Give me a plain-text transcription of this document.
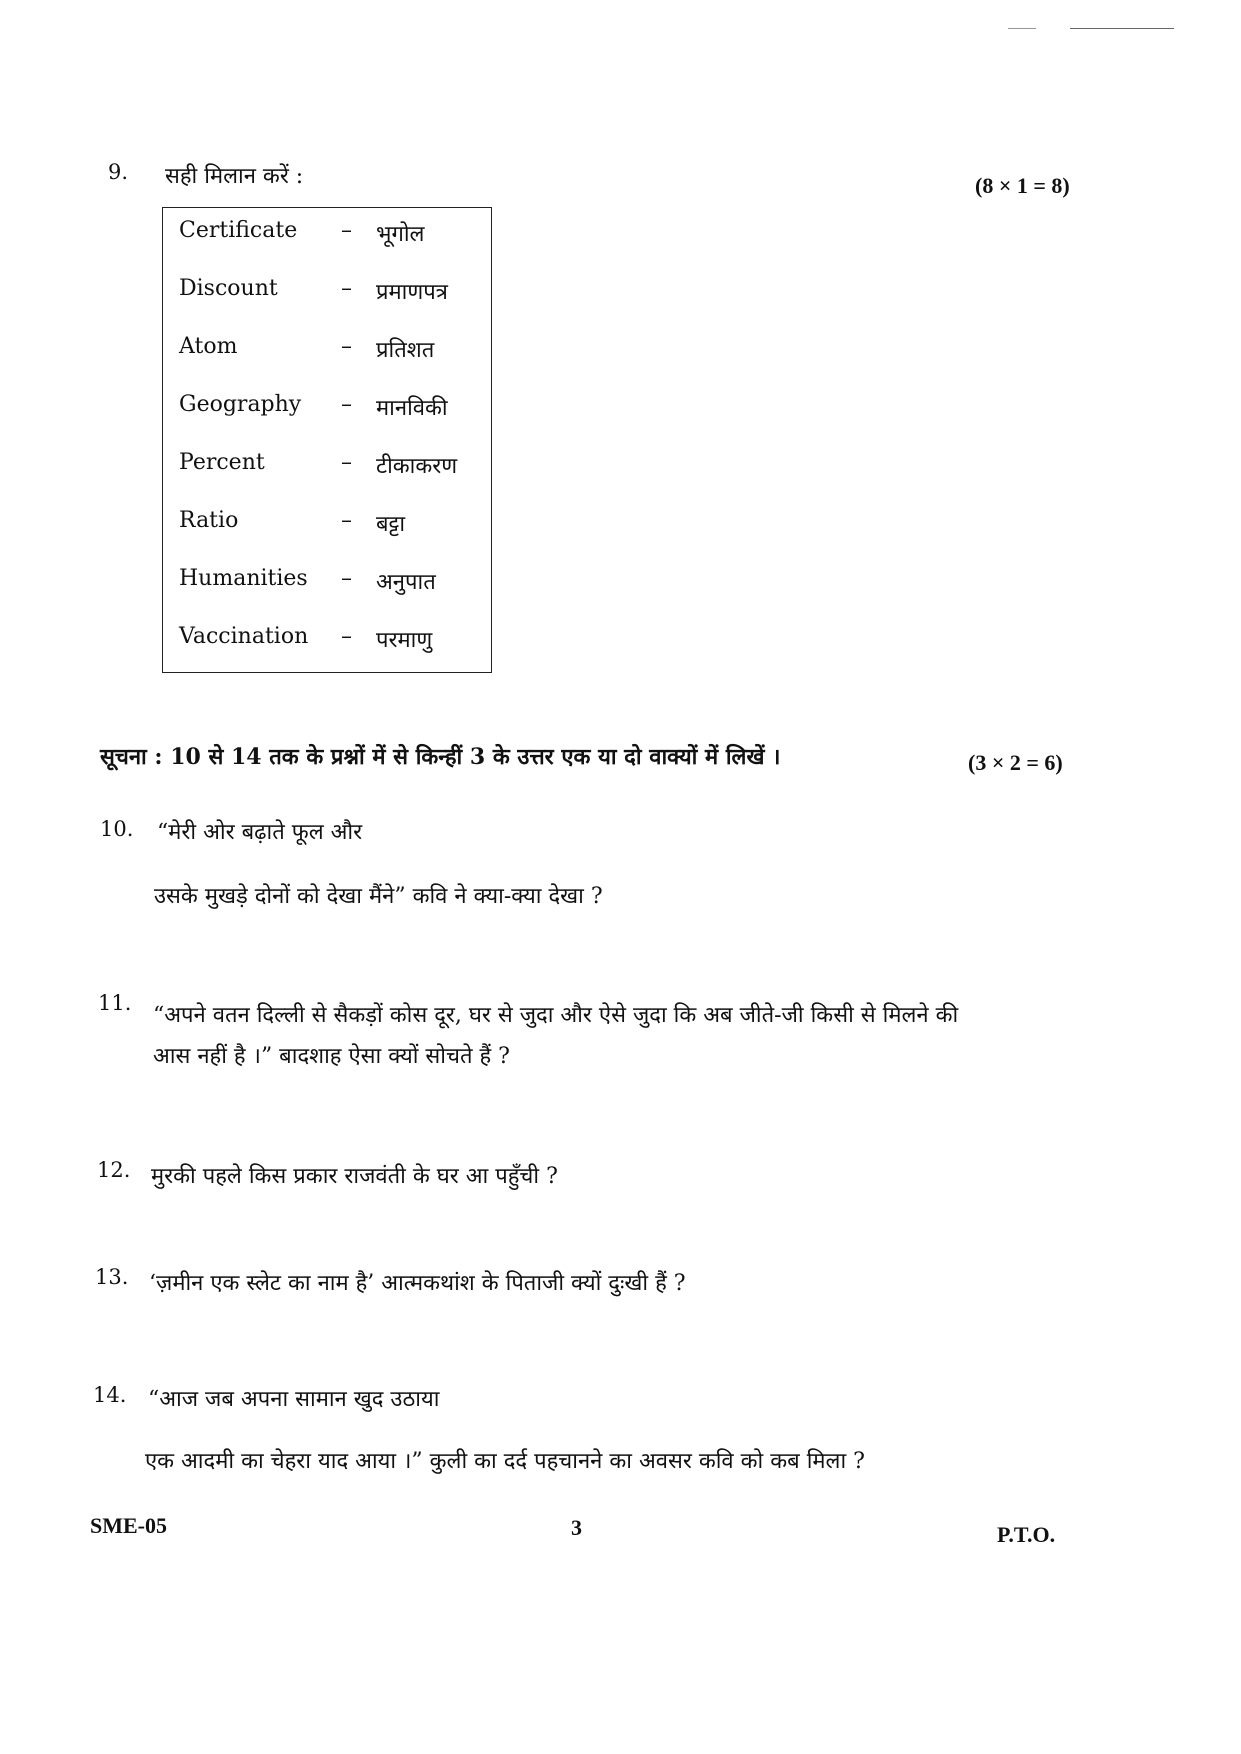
9. सही मिलान करें :	(8 × 1 = 8)
Certificate – भूगोल
Discount	– प्रमाणपत्र
Atom	– प्रतिशत
Geography – मानविकी
Percent	– टीकाकरण
Ratio	– बट्टा
Humanities – अनुपात
Vaccination – परमाणु
सूचना : 10 से 14 तक के प्रश्नों में से किन्हीं 3 के उत्तर एक या दो वाक्यों में लिखें ।	(3 × 2 = 6)
10. “मेरी ओर बढ़ाते फूल और
उसके मुखड़े दोनों को देखा मैंने” कवि ने क्या-क्या देखा ?
11. “अपने वतन दिल्ली से सैकड़ों कोस दूर, घर से जुदा और ऐसे जुदा कि अब जीते-जी किसी से मिलने की
आस नहीं है ।” बादशाह ऐसा क्यों सोचते हैं ?
12. मुरकी पहले किस प्रकार राजवंती के घर आ पहुँची ?
13. ‘ज़मीन एक स्लेट का नाम है’ आत्मकथांश के पिताजी क्यों दुःखी हैं ?
14. “आज जब अपना सामान खुद उठाया
एक आदमी का चेहरा याद आया ।” कुली का दर्द पहचानने का अवसर कवि को कब मिला ?
SME-05	3	P.T.O.
